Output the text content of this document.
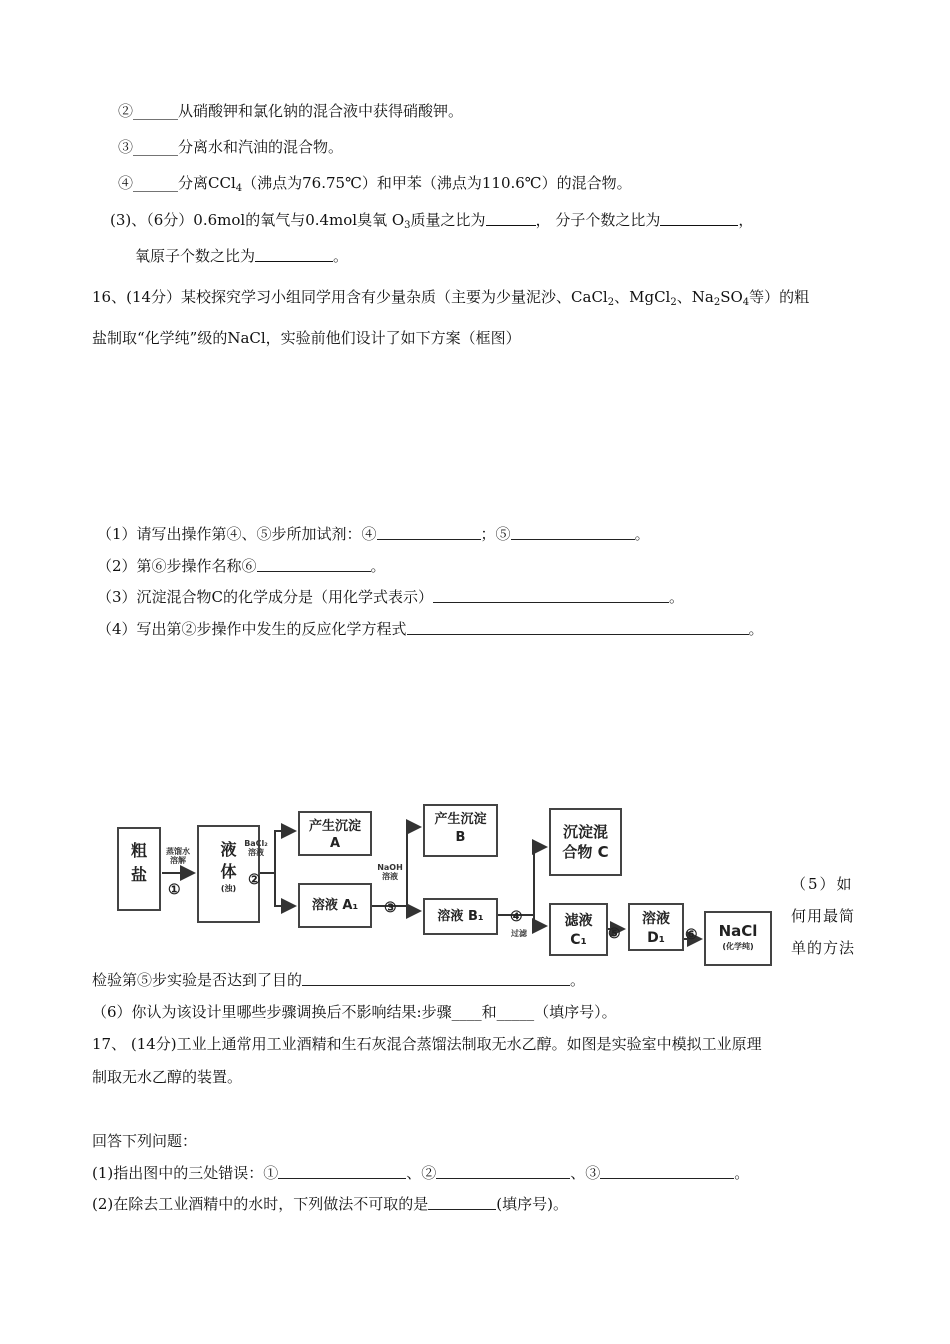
②______从硝酸钾和氯化钠的混合液中获得硝酸钾。
③______分离水和汽油的混合物。
④______分离CCl$_4$（沸点为76.75℃）和甲苯（沸点为110.6℃）的混合物。
(3)、（6分）0.6mol的氧气与0.4mol臭氧 $O_3$质量之比为	， 分子个数之比为	，
氧原子个数之比为	。
16、(14分）某校探究学习小组同学用含有少量杂质（主要为少量泥沙、CaCl$_2$、MgCl$_2$、$Na_2SO_4$等）的粗
盐制取“化学纯”级的NaCl，实验前他们设计了如下方案（框图）
（1）请写出操作第④、⑤步所加试剂：④	；⑤	。
（2）第⑥步操作名称⑥	。
（3）沉淀混合物C的化学成分是（用化学式表示）	。
（4）写出第②步操作中发生的反应化学方程式	。
粗盐
蒸馏水
溶解
①
液
体
(浊)
BaCl₂
溶液
②
产生沉淀
A
溶液 A₁
NaOH
溶液
③
产生沉淀
B
溶液 B₁	④
过滤
沉淀混
合物 C
滤液
C₁	⑤
溶液
D₁	⑥	NaCl
(化学纯)
（5）如
何用最简
单的方法
检验第⑤步实验是否达到了目的	。
（6）你认为该设计里哪些步骤调换后不影响结果:步骤____和_____（填序号）。
17、 (14分)工业上通常用工业酒精和生石灰混合蒸馏法制取无水乙醇。如图是实验室中模拟工业原理
制取无水乙醇的装置。
回答下列问题：
(1)指出图中的三处错误：①	、②	、③	。
(2)在除去工业酒精中的水时，下列做法不可取的是	(填序号)。
